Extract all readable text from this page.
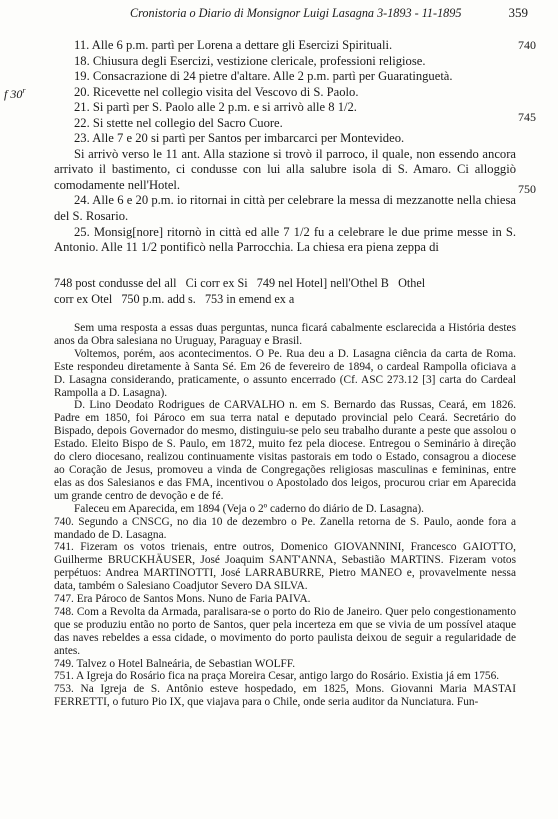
Cronistoria o Diario di Monsignor Luigi Lasagna 3-1893 - 11-1895	359
f 30$^r$
740
745
750

11. Alle 6 p.m. partì per Lorena a dettare gli Esercizi Spirituali.

18. Chiusura degli Esercizi, vestizione clericale, professioni religiose.

19. Consacrazione di 24 pietre d'altare. Alle 2 p.m. partì per Guaratinguetà.

20. Ricevette nel collegio visita del Vescovo di S. Paolo.

21. Si partì per S. Paolo alle 2 p.m. e si arrivò alle 8 1/2.

22. Si stette nel collegio del Sacro Cuore.

23. Alle 7 e 20 si partì per Santos per imbarcarci per Montevideo.

Si arrivò verso le 11 ant. Alla stazione si trovò il parroco, il quale, non essendo ancora arrivato il bastimento, ci condusse con lui alla salubre isola di S. Amaro. Ci alloggiò comodamente nell'Hotel.

24. Alle 6 e 20 p.m. io ritornai in città per celebrare la messa di mezzanotte nella chiesa del S. Rosario.

25. Monsig[nore] ritornò in città ed alle 7 1/2 fu a celebrare le due prime messe in S. Antonio. Alle 11 1/2 pontificò nella Parrocchia. La chiesa era piena zeppa di

748 post condusse del all   Ci corr ex Si   749 nel Hotel] nell'Othel B   Othel

corr ex Otel   750 p.m. add s.   753 in emend ex a

Sem uma resposta a essas duas perguntas, nunca ficará cabalmente esclarecida a História destes anos da Obra salesiana no Uruguay, Paraguay e Brasil.

Voltemos, porém, aos acontecimentos. O Pe. Rua deu a D. Lasagna ciência da carta de Roma. Este respondeu diretamente à Santa Sé. Em 26 de fevereiro de 1894, o cardeal Rampolla oficiava a D. Lasagna considerando, praticamente, o assunto encerrado (Cf. ASC 273.12 [3] carta do Cardeal Rampolla a D. Lasagna).

D. Lino Deodato Rodrigues de CARVALHO n. em S. Bernardo das Russas, Ceará, em 1826. Padre em 1850, foi Pároco em sua terra natal e deputado provincial pelo Ceará. Secretário do Bispado, depois Governador do mesmo, distinguiu-se pelo seu trabalho durante a peste que assolou o Estado. Eleito Bispo de S. Paulo, em 1872, muito fez pela diocese. Entregou o Seminário à direção do clero diocesano, realizou continuamente visitas pastorais em todo o Estado, consagrou a diocese ao Coração de Jesus, promoveu a vinda de Congregações religiosas masculinas e femininas, entre elas as dos Salesianos e das FMA, incentivou o Apostolado dos leigos, procurou criar em Aparecida um grande centro de devoção e de fé.

Faleceu em Aparecida, em 1894 (Veja o 2º caderno do diário de D. Lasagna).

740. Segundo a CNSCG, no dia 10 de dezembro o Pe. Zanella retorna de S. Paulo, aonde fora a mandado de D. Lasagna.

741. Fizeram os votos trienais, entre outros, Domenico GIOVANNINI, Francesco GAIOTTO, Guilherme BRUCKHÄUSER, José Joaquim SANT'ANNA, Sebastião MARTINS. Fizeram votos perpétuos: Andrea MARTINOTTI, José LARRABURRE, Pietro MANEO e, provavelmente nessa data, também o Salesiano Coadjutor Severo DA SILVA.

747. Era Pároco de Santos Mons. Nuno de Faria PAIVA.

748. Com a Revolta da Armada, paralisara-se o porto do Rio de Janeiro. Quer pelo congestionamento que se produziu então no porto de Santos, quer pela incerteza em que se vivia de um possível ataque das naves rebeldes a essa cidade, o movimento do porto paulista deixou de seguir a regularidade de antes.

749. Talvez o Hotel Balneária, de Sebastian WOLFF.

751. A Igreja do Rosário fica na praça Moreira Cesar, antigo largo do Rosário. Existia já em 1756.

753. Na Igreja de S. Antônio esteve hospedado, em 1825, Mons. Giovanni Maria MASTAI FERRETTI, o futuro Pio IX, que viajava para o Chile, onde seria auditor da Nunciatura. Fun-
